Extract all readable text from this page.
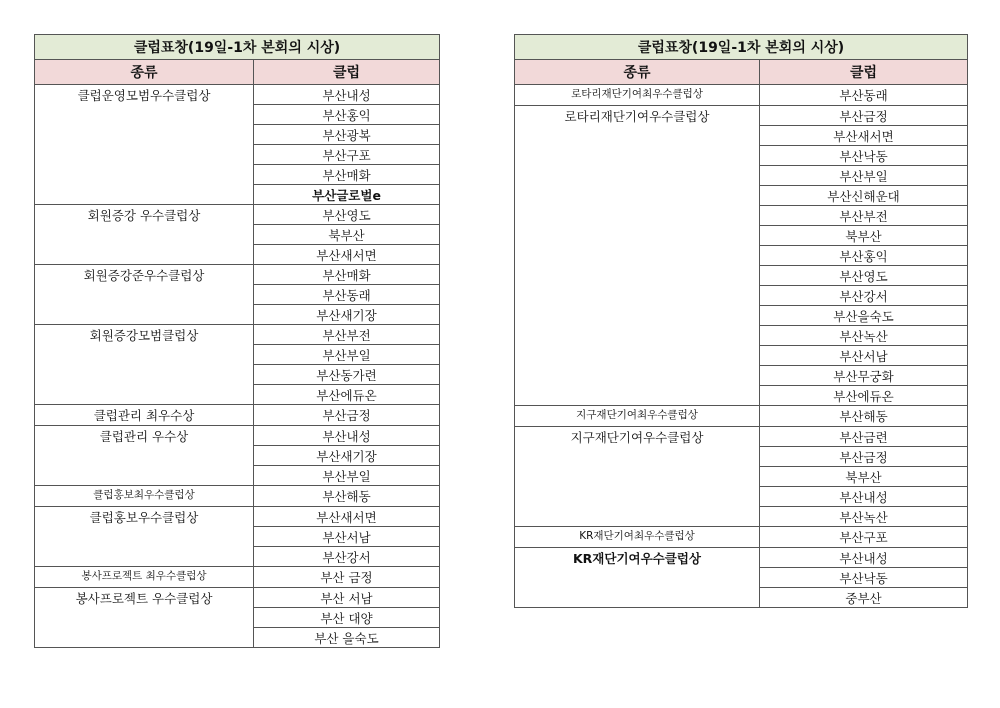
클럽표창(19일-1차 본회의 시상)	
종류	클럽
클럽운영모범우수클럽상	부산내성
	부산홍익
	부산광복
	부산구포
	부산매화
	부산글로벌e
회원증강 우수클럽상	부산영도
	북부산
	부산새서면
회원증강준우수클럽상	부산매화
	부산동래
	부산새기장
회원증강모범클럽상	부산부전
	부산부일
	부산동가련
	부산에듀온
클럽관리 최우수상	부산금정
클럽관리 우수상	부산내성
	부산새기장
	부산부일
클럽홍보최우수클럽상	부산해동
클럽홍보우수클럽상	부산새서면
	부산서남
	부산강서
봉사프로젝트 최우수클럽상	부산 금정
봉사프로젝트 우수클럽상	부산 서남
	부산 대양
	부산 을숙도
클럽표창(19일-1차 본회의 시상)	
종류	클럽
로타리재단기여최우수클럽상	부산동래
로타리재단기여우수클럽상	부산금정
	부산새서면
	부산낙동
	부산부일
	부산신해운대
	부산부전
	북부산
	부산홍익
	부산영도
	부산강서
	부산을숙도
	부산녹산
	부산서남
	부산무궁화
	부산에듀온
지구재단기여최우수클럽상	부산해동
지구재단기여우수클럽상	부산금련
	부산금정
	북부산
	부산내성
	부산녹산
KR재단기여최우수클럽상	부산구포
KR재단기여우수클럽상	부산내성
	부산낙동
	중부산
